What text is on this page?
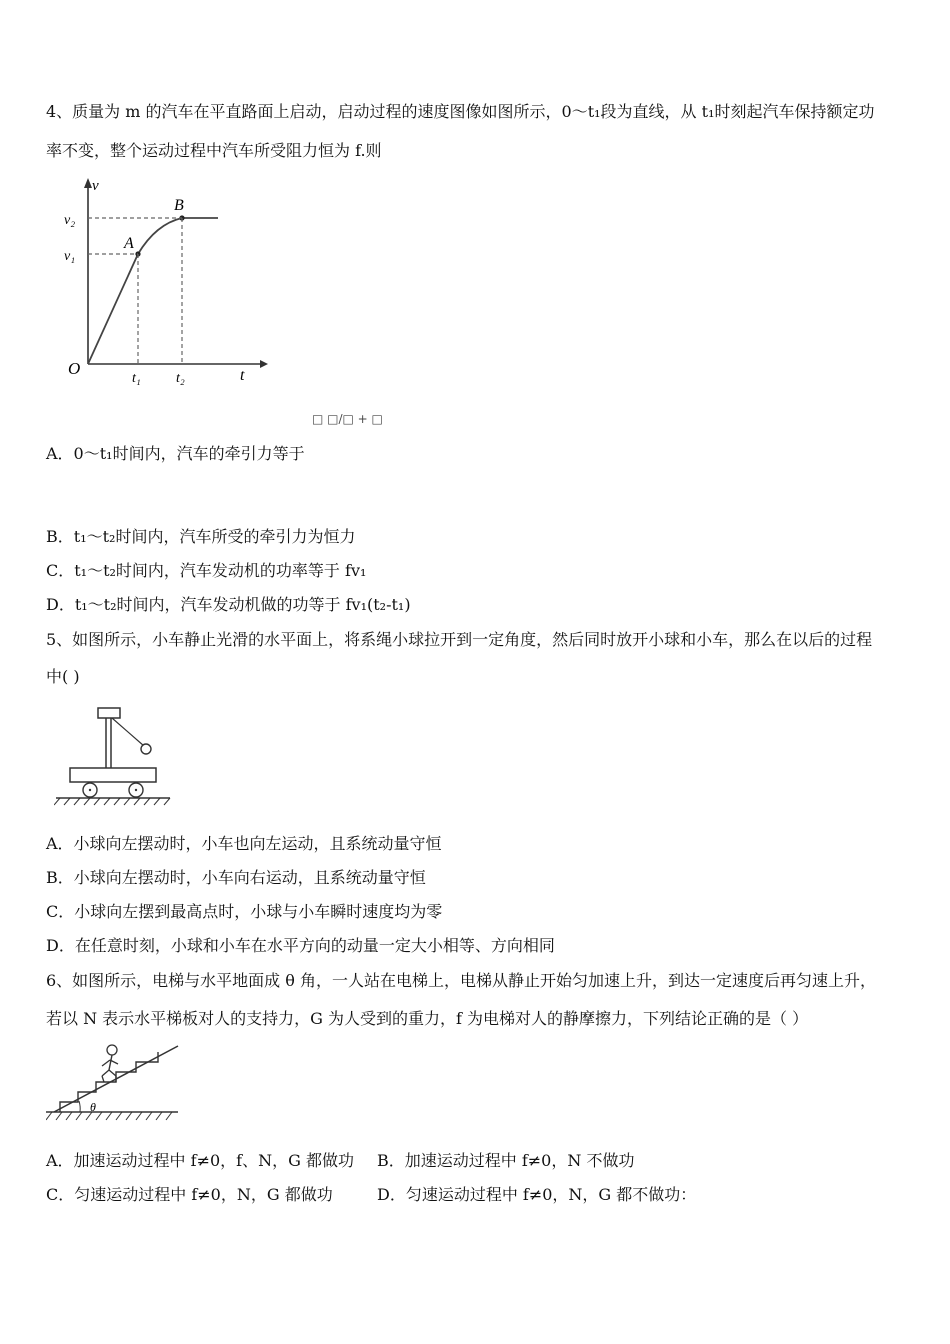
4、质量为 m 的汽车在平直路面上启动，启动过程的速度图像如图所示，0～t₁段为直线，从 t₁时刻起汽车保持额定功
率不变，整个运动过程中汽车所受阻力恒为 f.则
v
v₂
v₁
A
B
O
t₁	t₂	t
□ □/□ + □
A．0～t₁时间内，汽车的牵引力等于
B．t₁～t₂时间内，汽车所受的牵引力为恒力
C．t₁～t₂时间内，汽车发动机的功率等于 fv₁
D．t₁～t₂时间内，汽车发动机做的功等于 fv₁(t₂-t₁)
5、如图所示，小车静止光滑的水平面上，将系绳小球拉开到一定角度，然后同时放开小球和小车，那么在以后的过程
中( )
A．小球向左摆动时，小车也向左运动，且系统动量守恒
B．小球向左摆动时，小车向右运动，且系统动量守恒
C．小球向左摆到最高点时，小球与小车瞬时速度均为零
D．在任意时刻，小球和小车在水平方向的动量一定大小相等、方向相同
6、如图所示，电梯与水平地面成 θ 角，一人站在电梯上，电梯从静止开始匀加速上升，到达一定速度后再匀速上升，
若以 N 表示水平梯板对人的支持力，G 为人受到的重力，f 为电梯对人的静摩擦力，下列结论正确的是（ ）
θ
A．加速运动过程中 f≠0，f、N，G 都做功 B．加速运动过程中 f≠0，N 不做功
C．匀速运动过程中 f≠0，N，G 都做功	D．匀速运动过程中 f≠0，N，G 都不做功：
